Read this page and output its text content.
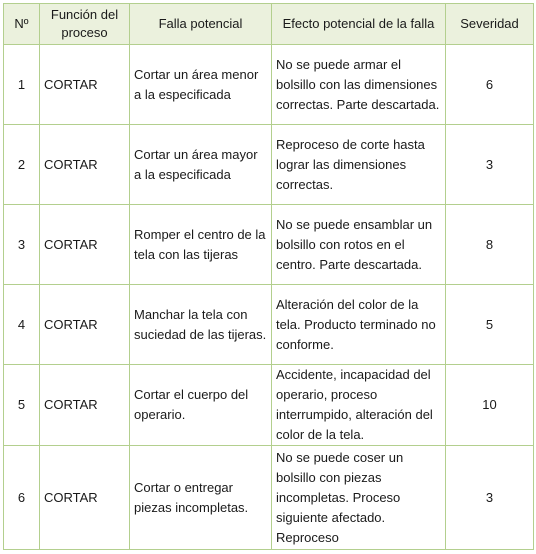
Nº	Función del proceso	Falla potencial	Efecto potencial de la falla	Severidad
1	CORTAR	Cortar un área menor a la especificada	No se puede armar el bolsillo con las dimensiones correctas. Parte descartada.	6
2	CORTAR	Cortar un área mayor a la especificada	Reproceso de corte hasta lograr las dimensiones correctas.	3
3	CORTAR	Romper el centro de la tela con las tijeras	No se puede ensamblar un bolsillo con rotos en el centro. Parte descartada.	8
4	CORTAR	Manchar la tela con suciedad de las tijeras.	Alteración del color de la tela. Producto terminado no conforme.	5
5	CORTAR	Cortar el cuerpo del operario.	Accidente, incapacidad del operario, proceso interrumpido, alteración del color de la tela.	10
6	CORTAR	Cortar o entregar piezas incompletas.	No se puede coser un bolsillo con piezas incompletas. Proceso siguiente afectado. Reproceso	3
